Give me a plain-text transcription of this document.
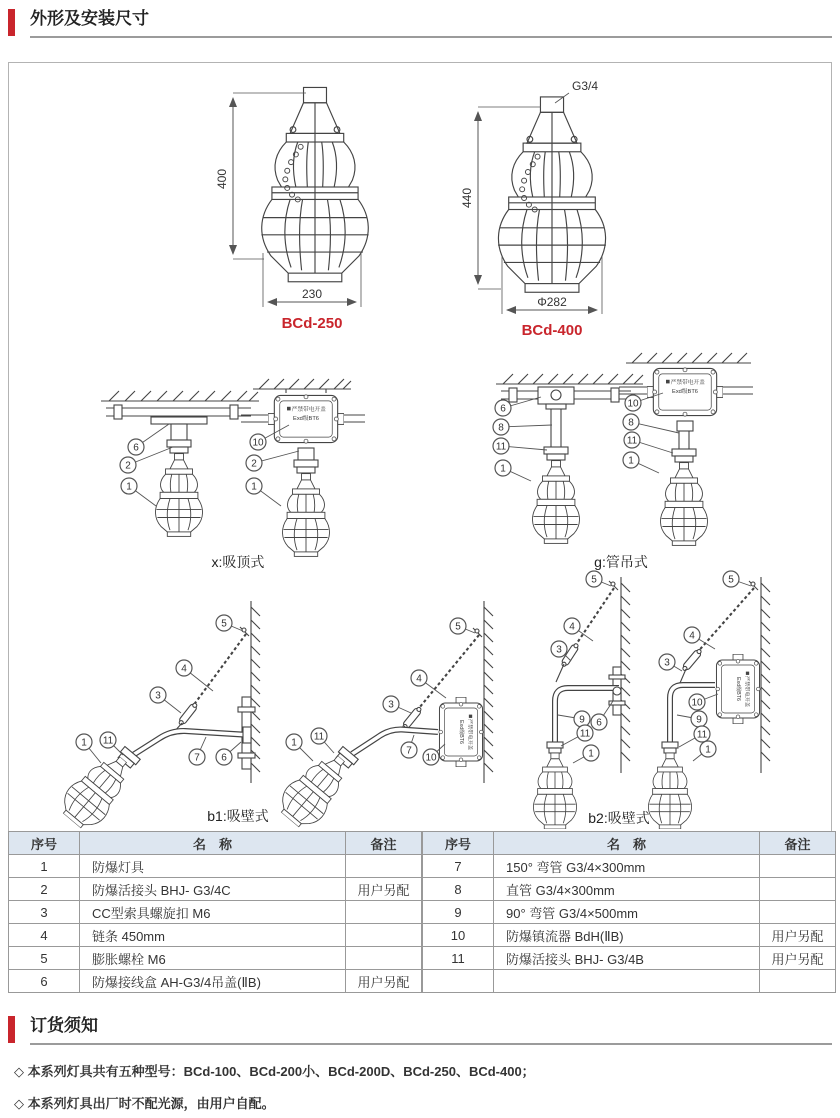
外形及安装尺寸
400
230
BCd-250
G3/4
440
Φ282
BCd-400
6
2
1
10
2
1
x:吸顶式
6
8
11
1
10
8
11
1
g:管吊式
5
4
3
1 11
7 6
5
4
3
1
11
7
10
b1:吸壁式
5
4
3
9
11
1
6
5
4
3
10
9
11
1
b2:吸壁式
序号	名　称	备注
1	防爆灯具	
2	防爆活接头 BHJ- G3/4C	用户另配
3	CC型索具螺旋扣 M6	
4	链条 450mm	
5	膨胀螺栓 M6	
6	防爆接线盒 AH-G3/4吊盖(ⅡB)	用户另配
序号	名　称	备注
7	150° 弯管 G3/4×300mm	
8	直管 G3/4×300mm	
9	90° 弯管 G3/4×500mm	
10	防爆镇流器 BdH(ⅡB)	用户另配
11	防爆活接头 BHJ- G3/4B	用户另配

订货须知
◇ 本系列灯具共有五种型号：BCd-100、BCd-200小、BCd-200D、BCd-250、BCd-400；
◇ 本系列灯具出厂时不配光源，由用户自配。
